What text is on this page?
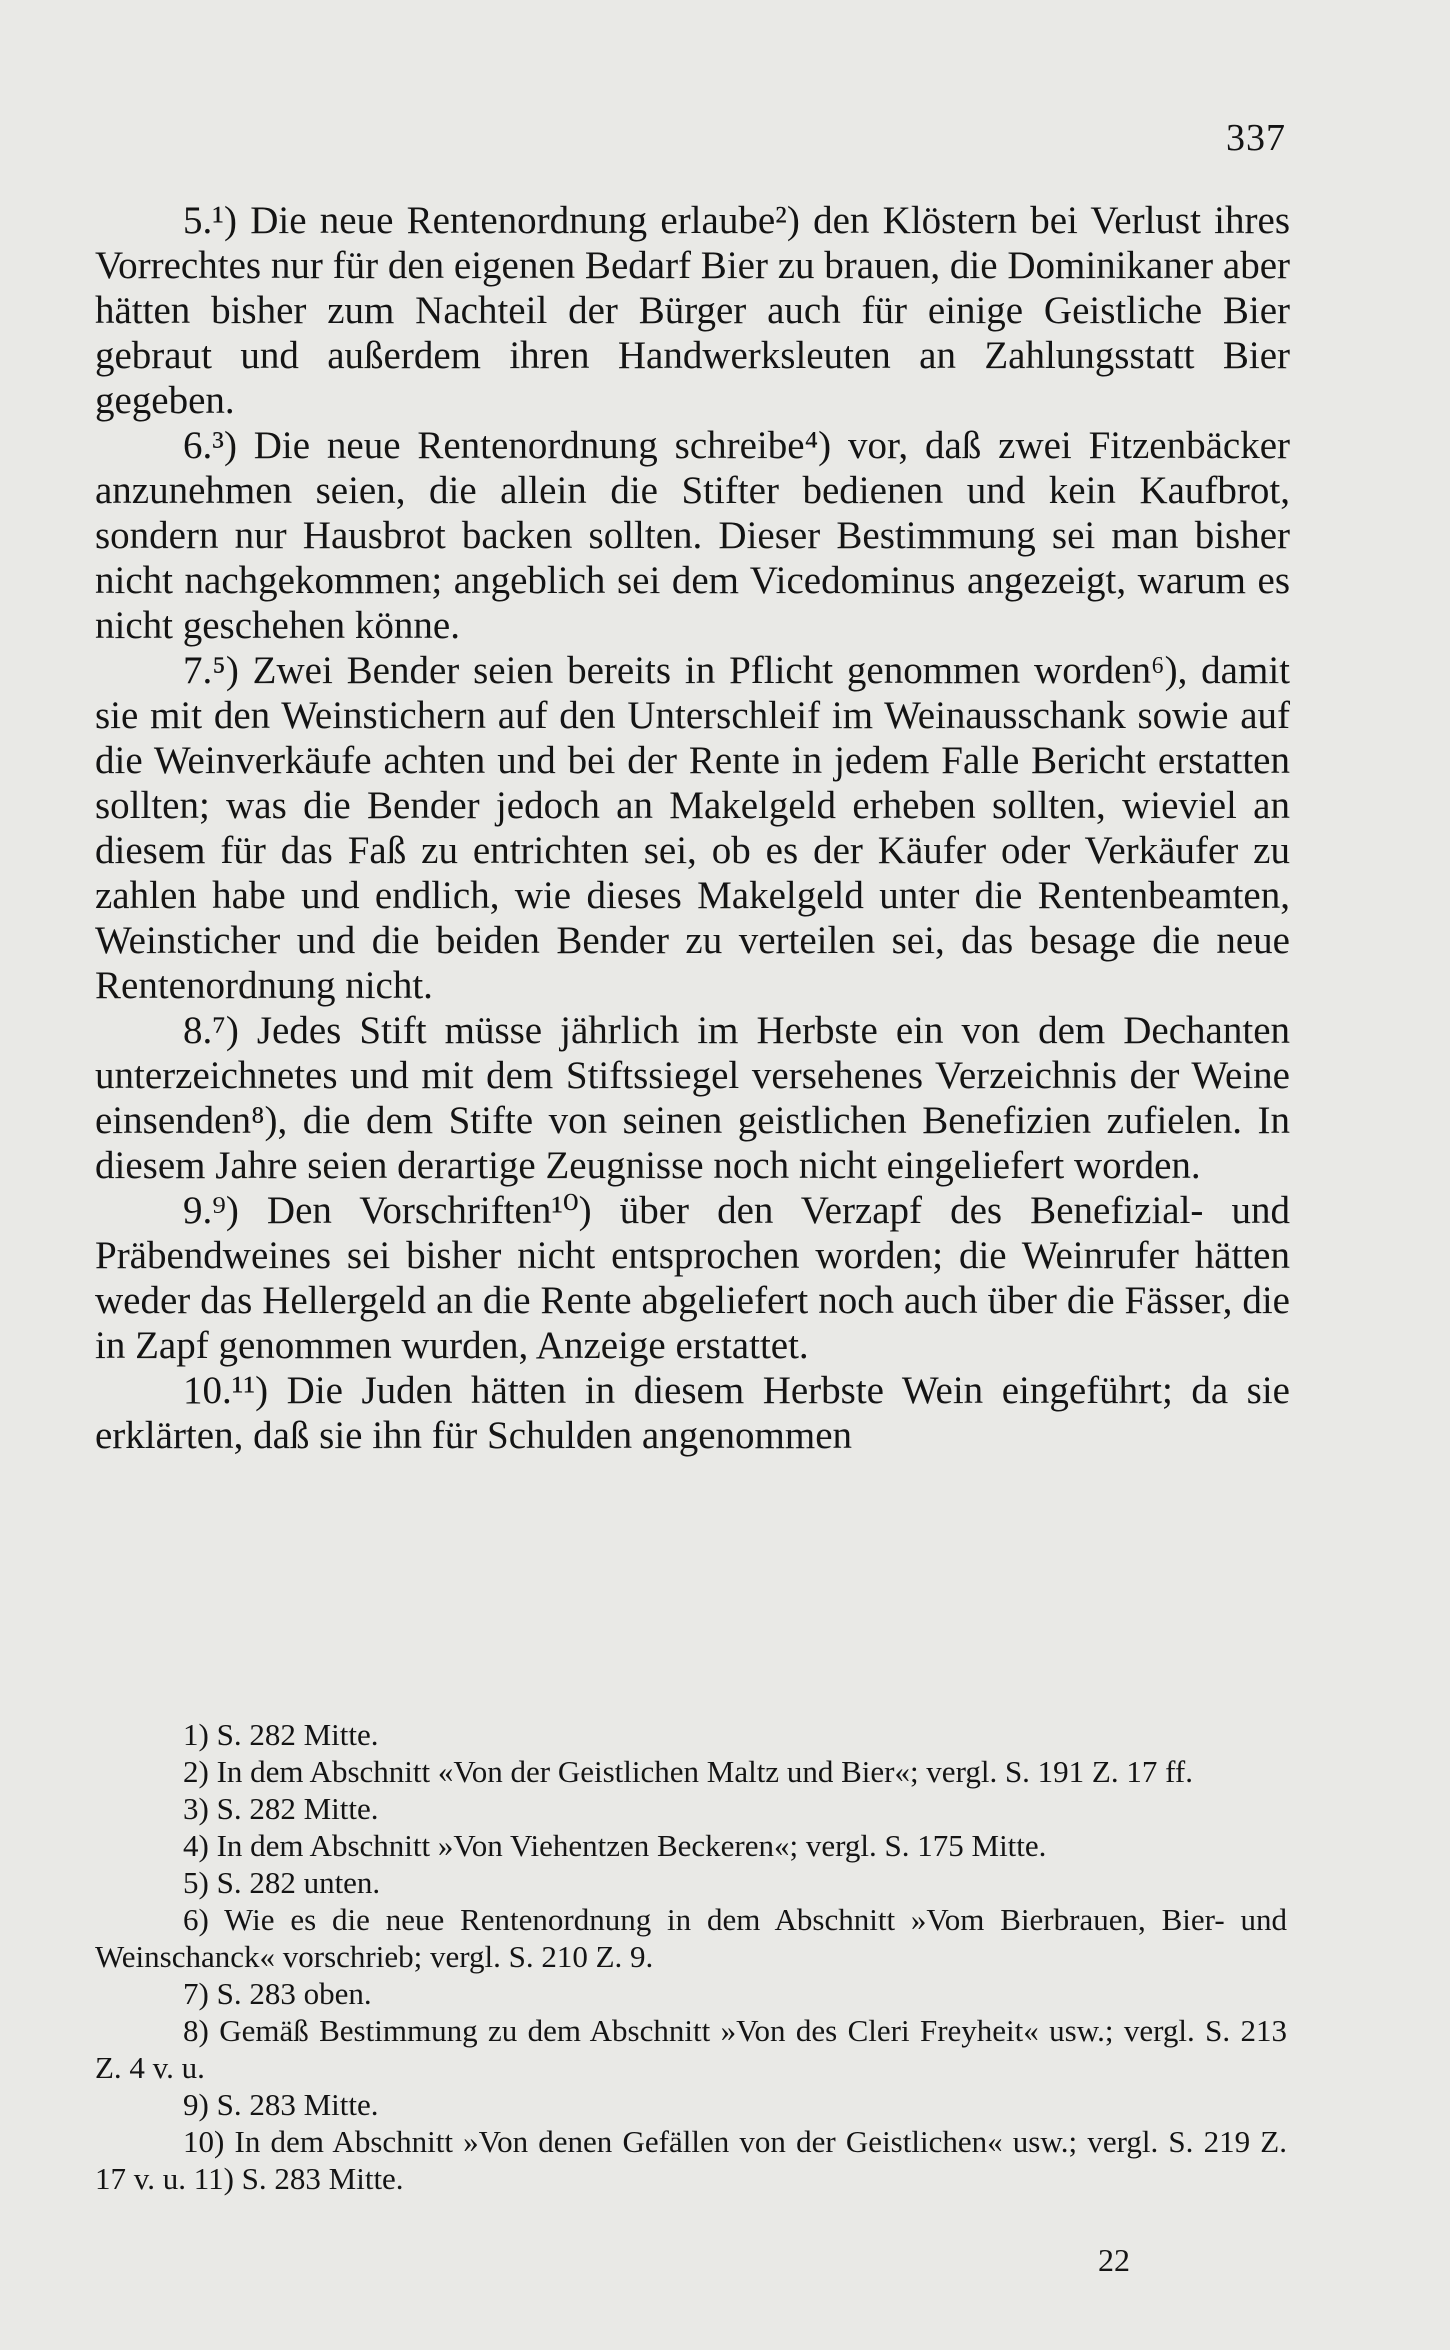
337

5.¹) Die neue Rentenordnung erlaube²) den Klöstern bei Verlust ihres Vorrechtes nur für den eigenen Bedarf Bier zu brauen, die Dominikaner aber hätten bisher zum Nachteil der Bürger auch für einige Geistliche Bier gebraut und außerdem ihren Handwerksleuten an Zahlungsstatt Bier gegeben.

6.³) Die neue Rentenordnung schreibe⁴) vor, daß zwei Fitzenbäcker anzunehmen seien, die allein die Stifter bedienen und kein Kaufbrot, sondern nur Hausbrot backen sollten. Dieser Bestimmung sei man bisher nicht nachgekommen; angeblich sei dem Vicedominus angezeigt, warum es nicht geschehen könne.

7.⁵) Zwei Bender seien bereits in Pflicht genommen worden⁶), damit sie mit den Weinstichern auf den Unterschleif im Weinausschank sowie auf die Weinverkäufe achten und bei der Rente in jedem Falle Bericht erstatten sollten; was die Bender jedoch an Makelgeld erheben sollten, wieviel an diesem für das Faß zu entrichten sei, ob es der Käufer oder Verkäufer zu zahlen habe und endlich, wie dieses Makelgeld unter die Rentenbeamten, Weinsticher und die beiden Bender zu verteilen sei, das besage die neue Rentenordnung nicht.

8.⁷) Jedes Stift müsse jährlich im Herbste ein von dem Dechanten unterzeichnetes und mit dem Stiftssiegel versehenes Verzeichnis der Weine einsenden⁸), die dem Stifte von seinen geistlichen Benefizien zufielen. In diesem Jahre seien derartige Zeugnisse noch nicht eingeliefert worden.

9.⁹) Den Vorschriften¹⁰) über den Verzapf des Benefizial- und Präbendweines sei bisher nicht entsprochen worden; die Weinrufer hätten weder das Hellergeld an die Rente abgeliefert noch auch über die Fässer, die in Zapf genommen wurden, Anzeige erstattet.

10.¹¹) Die Juden hätten in diesem Herbste Wein eingeführt; da sie erklärten, daß sie ihn für Schulden angenommen

1) S. 282 Mitte.

2) In dem Abschnitt «Von der Geistlichen Maltz und Bier«; vergl. S. 191 Z. 17 ff.

3) S. 282 Mitte.

4) In dem Abschnitt »Von Viehentzen Beckeren«; vergl. S. 175 Mitte.

5) S. 282 unten.

6) Wie es die neue Rentenordnung in dem Abschnitt »Vom Bierbrauen, Bier- und Weinschanck« vorschrieb; vergl. S. 210 Z. 9.

7) S. 283 oben.

8) Gemäß Bestimmung zu dem Abschnitt »Von des Cleri Freyheit« usw.; vergl. S. 213 Z. 4 v. u.

9) S. 283 Mitte.

10) In dem Abschnitt »Von denen Gefällen von der Geistlichen« usw.; vergl. S. 219 Z. 17 v. u. 11) S. 283 Mitte.

22
